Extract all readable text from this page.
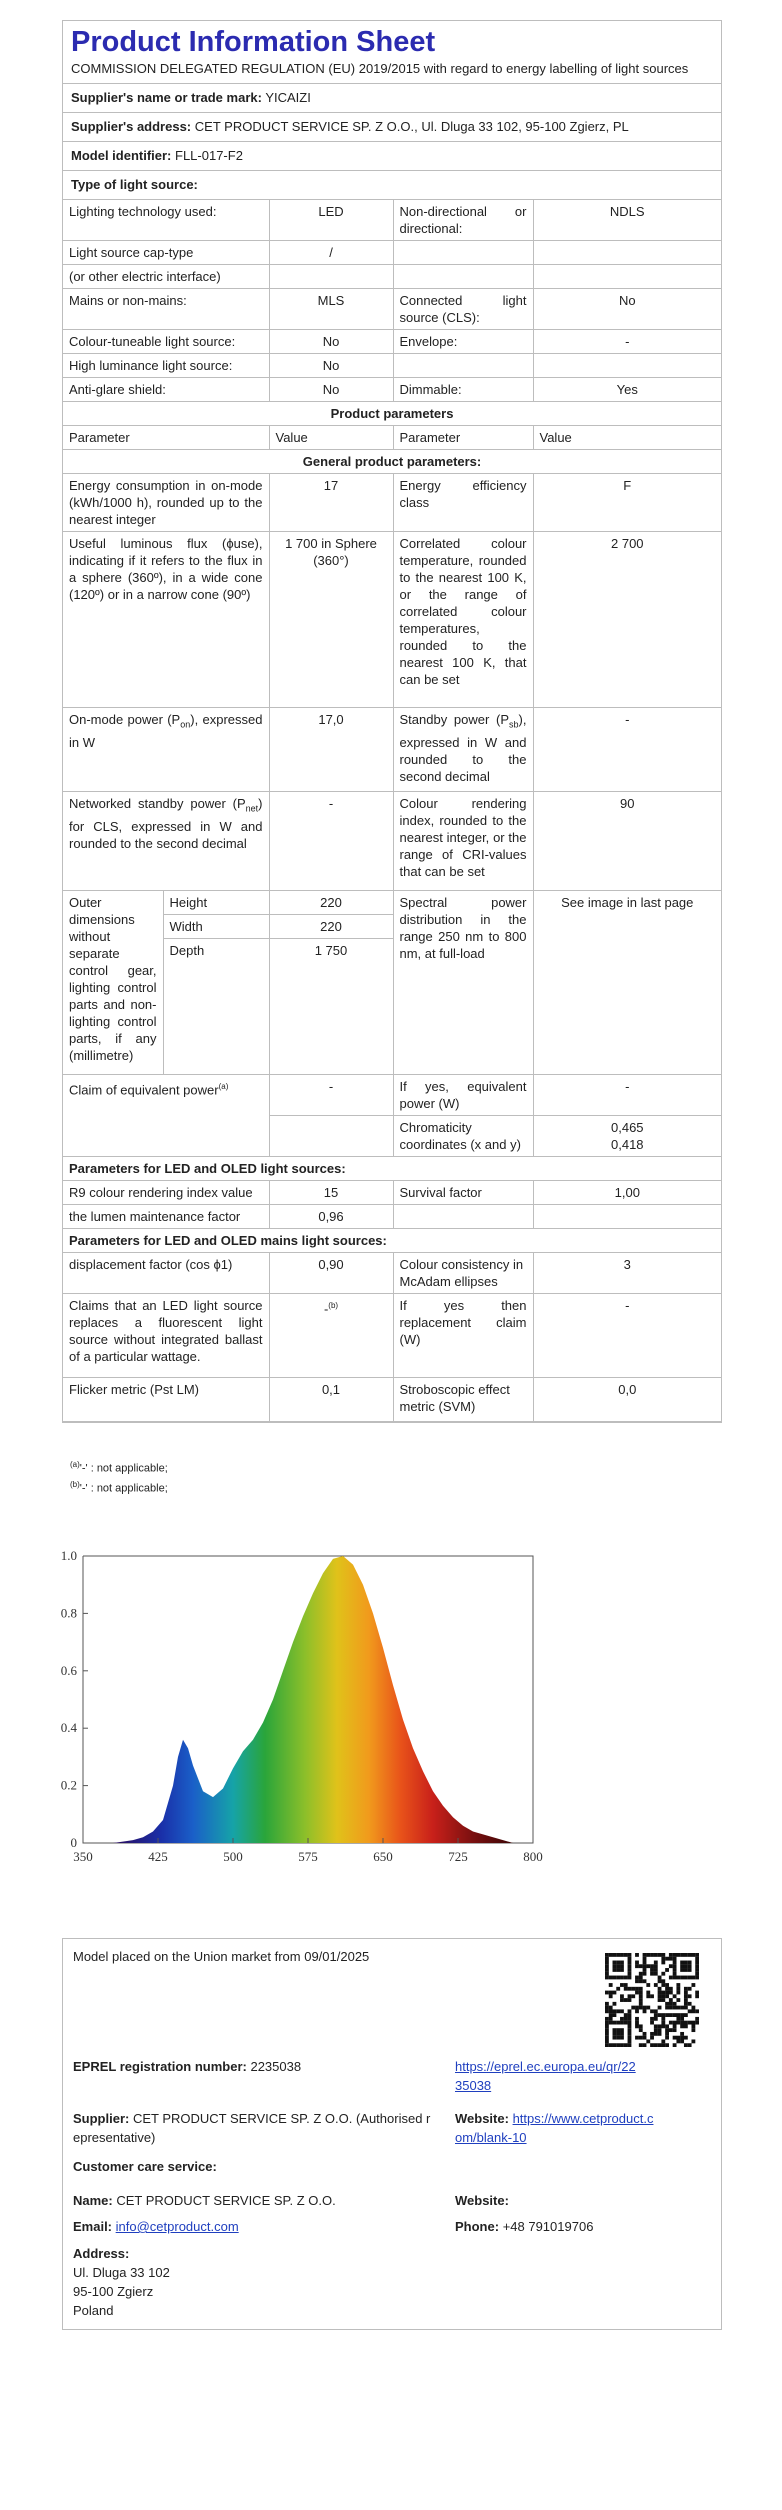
Product Information Sheet
COMMISSION DELEGATED REGULATION (EU) 2019/2015 with regard to energy labelling of light sources
Supplier's name or trade mark: YICAIZI
Supplier's address: CET PRODUCT SERVICE SP. Z O.O., Ul. Dluga 33 102, 95-100 Zgierz, PL
Model identifier: FLL-017-F2
Type of light source:
Lighting technology used:	LED	Non-directional or directional:	NDLS
Light source cap-type	/		
(or other electric interface)			
Mains or non-mains:	MLS	Connected light source (CLS):	No
Colour-tuneable light source:	No	Envelope:	-
High luminance light source:	No		
Anti-glare shield:	No	Dimmable:	Yes
Product parameters				
Parameter		Value	Parameter	Value
General product parameters:				
Energy consumption in on-mode (kWh/1000 h), rounded up to the nearest integer		17	Energy efficiency class	F
Useful luminous flux (ϕuse), indicating if it refers to the flux in a sphere (360º), in a wide cone (120º) or in a narrow cone (90º)		1 700 in Sphere (360°)	Correlated colour temperature, rounded to the nearest 100 K, or the range of correlated colour temperatures, rounded to the nearest 100 K, that can be set	2 700
On-mode power $(P_{on})$, expressed in W		17,0	Standby power $(P_{sb})$, expressed in W and rounded to the second decimal	-
Networked standby power $(P_{net})$ for CLS, expressed in W and rounded to the second decimal		-	Colour rendering index, rounded to the nearest integer, or the range of CRI-values that can be set	90
Outer dimensions without separate control gear, lighting control parts and non-lighting control parts, if any (millimetre)	Height	220	Spectral power distribution in the range 250 nm to 800 nm, at full-load	See image in last page
	Width	220		
	Depth	1 750		
Claim of equivalent power$^{(a)}$		-	If yes, equivalent power (W)	-
			Chromaticity coordinates (x and y)	0,465
0,418

Parameters for LED and OLED light sources:				
R9 colour rendering index value		15	Survival factor	1,00
the lumen maintenance factor		0,96		
Parameters for LED and OLED mains light sources:				
displacement factor (cos ϕ1)		0,90	Colour consistency in McAdam ellipses	3
Claims that an LED light source replaces a fluorescent light source without integrated ballast of a particular wattage.		-$^{(b)}$	If yes then replacement claim (W)	-
Flicker metric (Pst LM)		0,1	Stroboscopic effect metric (SVM)	0,0
$^{(a)}$'-' : not applicable;
$^{(b)}$'-' : not applicable;
350	425	500	575	650	725	800
0
0.2
0.4
0.6
0.8
1.0
Model placed on the Union market from 09/01/2025
EPREL registration number: 2235038	https://eprel.ec.europa.eu/qr/22
35038
Supplier: CET PRODUCT SERVICE SP. Z O.O. (Authorised r
epresentative)
Website: https://www.cetproduct.c
om/blank-10
Customer care service:
Name: CET PRODUCT SERVICE SP. Z O.O.	Website:
Email: info@cetproduct.com	Phone: +48 791019706
Address:
Ul. Dluga 33 102
95-100 Zgierz
Poland
